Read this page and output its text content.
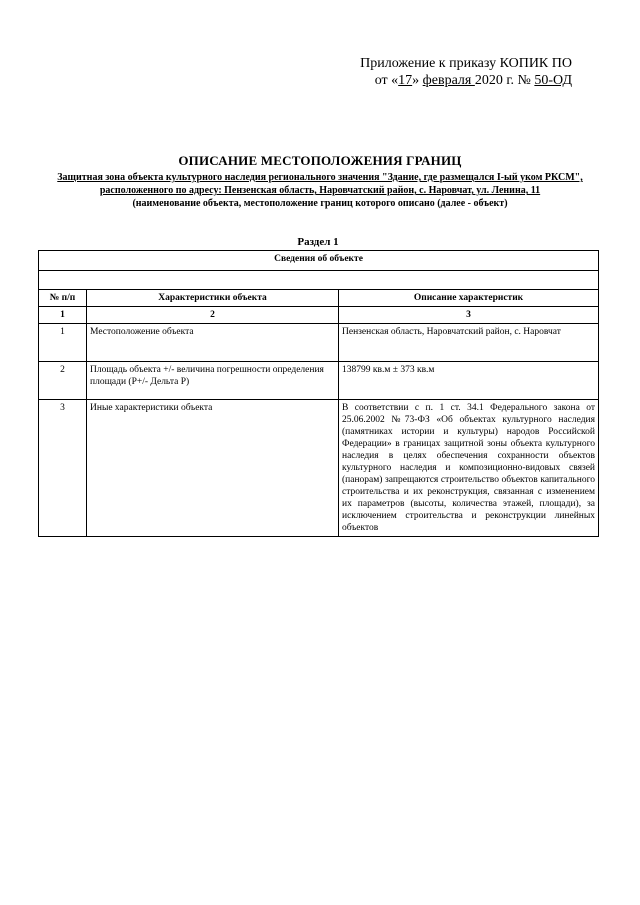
Приложение к приказу КОПИК ПО
от «17» февраля 2020 г. № 50-ОД
ОПИСАНИЕ МЕСТОПОЛОЖЕНИЯ ГРАНИЦ
Защитная зона объекта культурного наследия регионального значения "Здание, где размещался I-ый уком РКСМ", расположенного по адресу: Пензенская область, Наровчатский район, с. Наровчат, ул. Ленина, 11
(наименование объекта, местоположение границ которого описано (далее - объект)
Раздел 1
Сведения об объекте		

№ п/п	Характеристики объекта	Описание характеристик
1	2	3
1	Местоположение объекта	Пензенская область, Наровчатский район, с. Наровчат
2	Площадь объекта +/- величина погрешности определения площади (Р+/- Дельта Р)	138799 кв.м ± 373 кв.м
3	Иные характеристики объекта	В соответствии с п. 1 ст. 34.1 Федерального закона от 25.06.2002 №73-ФЗ «Об объектах культурного наследия (памятниках истории и культуры) народов Российской Федерации» в границах защитной зоны объекта культурного наследия в целях обеспечения сохранности объектов культурного наследия и композиционно-видовых связей (панорам) запрещаются строительство объектов капитального строительства и их реконструкция, связанная с изменением их параметров (высоты, количества этажей, площади), за исключением строительства и реконструкции линейных объектов
